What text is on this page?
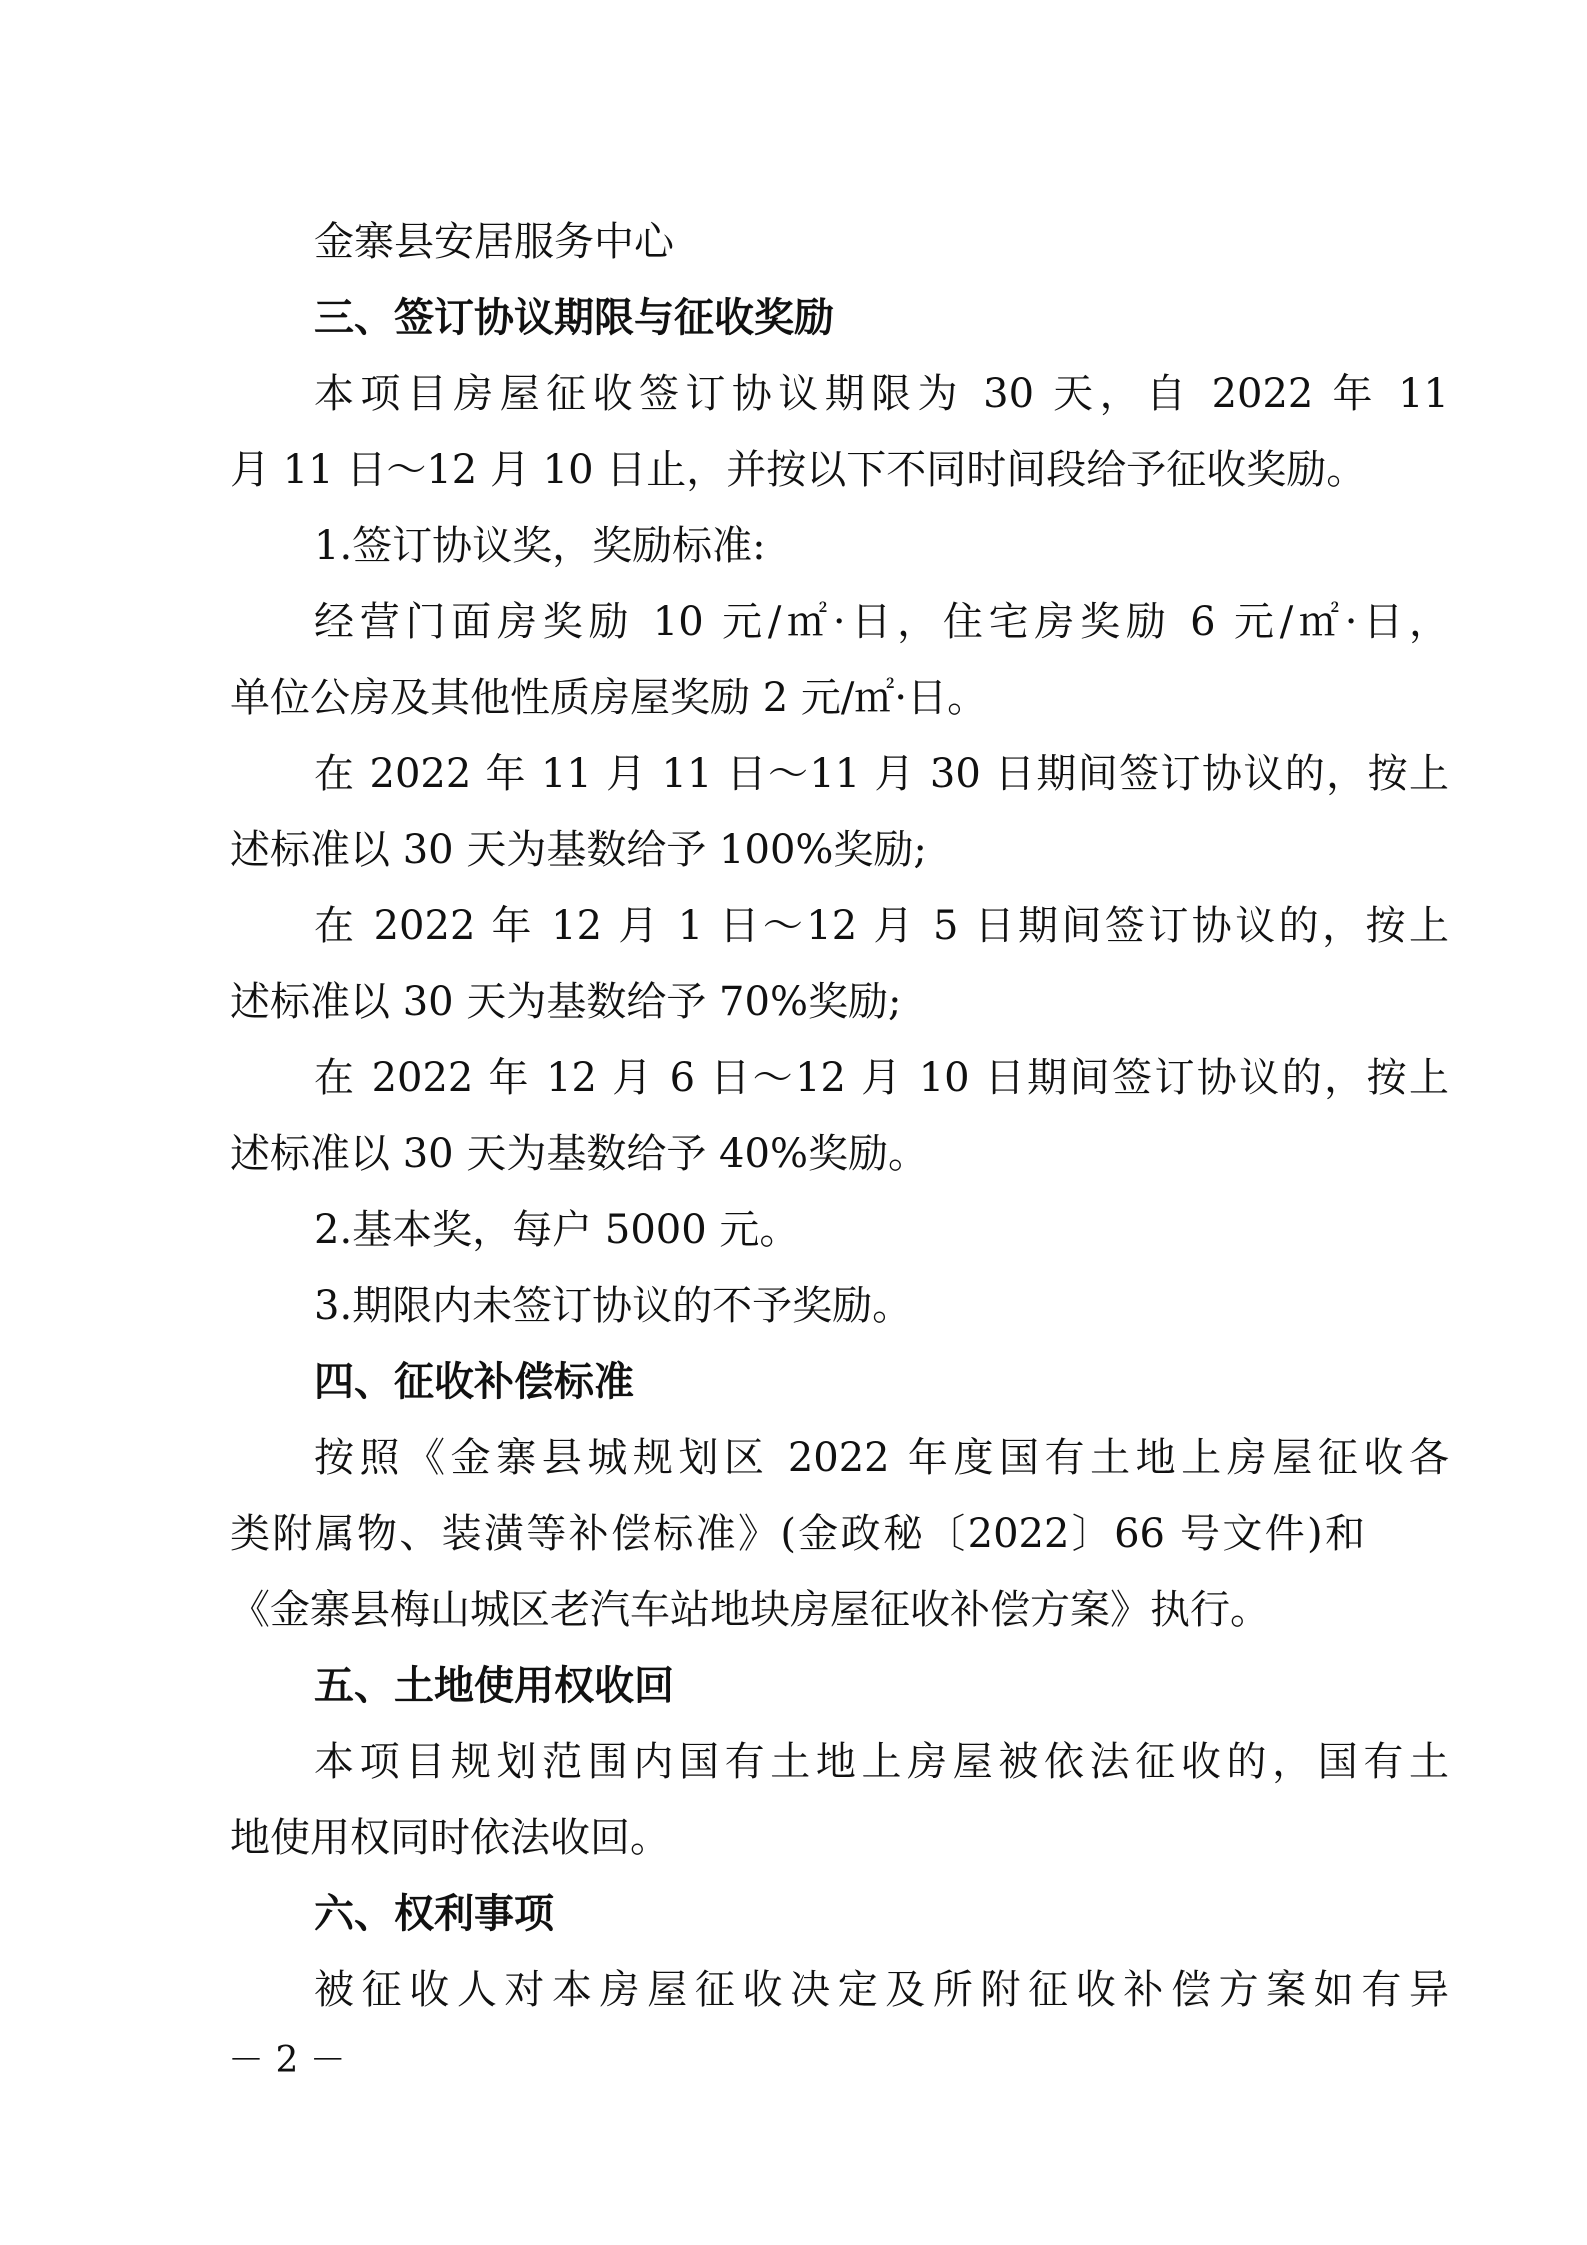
金寨县安居服务中心
三、签订协议期限与征收奖励
本项目房屋征收签订协议期限为 30 天，自 2022 年 11
月 11 日～12 月 10 日止，并按以下不同时间段给予征收奖励。
1.签订协议奖，奖励标准:
经营门面房奖励 10 元/㎡·日，住宅房奖励 6 元/㎡·日，
单位公房及其他性质房屋奖励 2 元/㎡·日。
在 2022 年 11 月 11 日～11 月 30 日期间签订协议的，按上
述标准以 30 天为基数给予 100%奖励;
在 2022 年 12 月 1 日～12 月 5 日期间签订协议的，按上
述标准以 30 天为基数给予 70%奖励;
在 2022 年 12 月 6 日～12 月 10 日期间签订协议的，按上
述标准以 30 天为基数给予 40%奖励。
2.基本奖，每户 5000 元。
3.期限内未签订协议的不予奖励。
四、征收补偿标准
按照《金寨县城规划区 2022 年度国有土地上房屋征收各
类附属物、装潢等补偿标准》(金政秘〔2022〕66 号文件)和
《金寨县梅山城区老汽车站地块房屋征收补偿方案》执行。
五、土地使用权收回
本项目规划范围内国有土地上房屋被依法征收的，国有土
地使用权同时依法收回。
六、权利事项
被征收人对本房屋征收决定及所附征收补偿方案如有异
－ 2 －
